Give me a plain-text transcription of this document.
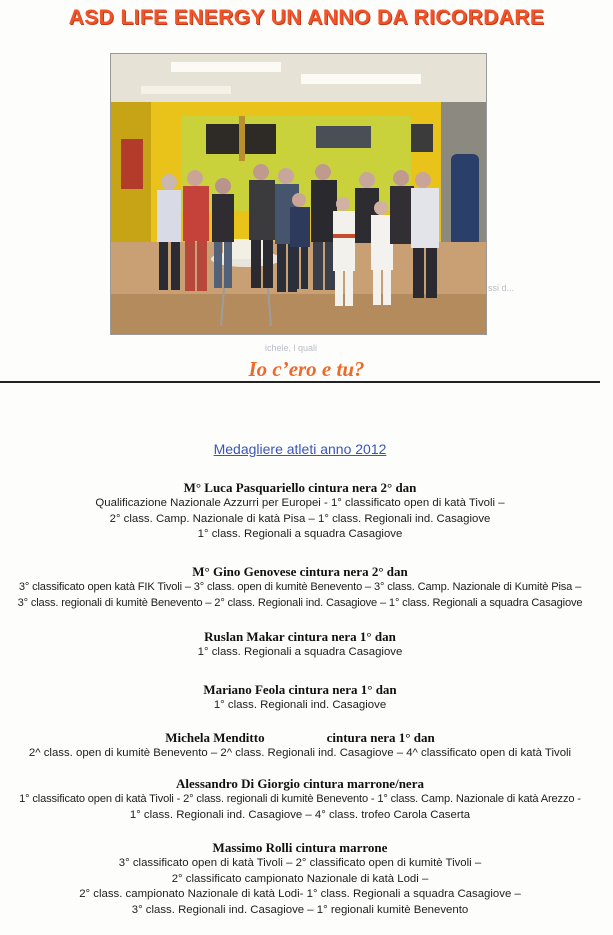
ASD LIFE ENERGY UN ANNO DA RICORDARE
ssi d...
ichele, l quali
Io c’ero e tu?
Medagliere atleti anno 2012
M° Luca Pasquariello cintura nera 2° dan
Qualificazione Nazionale Azzurri per Europei - 1° classificato open di katà Tivoli –
2° class. Camp. Nazionale di katà Pisa – 1° class. Regionali ind. Casagiove
1° class. Regionali a squadra Casagiove
M° Gino Genovese cintura nera 2° dan
3° classificato open katà FIK Tivoli – 3° class. open di kumitè Benevento – 3° class. Camp. Nazionale di Kumitè Pisa –
3° class. regionali di kumitè Benevento – 2° class. Regionali ind. Casagiove – 1° class. Regionali a squadra Casagiove
Ruslan Makar cintura nera 1° dan
1° class. Regionali a squadra Casagiove
Mariano Feola cintura nera 1° dan
1° class. Regionali ind. Casagiove
Michela Menditto	cintura nera 1° dan
2^ class. open di kumitè Benevento – 2^ class. Regionali ind. Casagiove – 4^ classificato open di katà Tivoli
Alessandro Di Giorgio cintura marrone/nera
1° classificato open di katà Tivoli - 2° class. regionali di kumitè Benevento - 1° class. Camp. Nazionale di katà Arezzo -
1° class. Regionali ind. Casagiove – 4° class. trofeo Carola Caserta
Massimo Rolli cintura marrone
3° classificato open di katà Tivoli – 2° classificato open di kumitè Tivoli –
2° classificato campionato Nazionale di katà Lodi –
2° class. campionato Nazionale di katà Lodi- 1° class. Regionali a squadra Casagiove –
3° class. Regionali ind. Casagiove – 1° regionali kumitè Benevento
